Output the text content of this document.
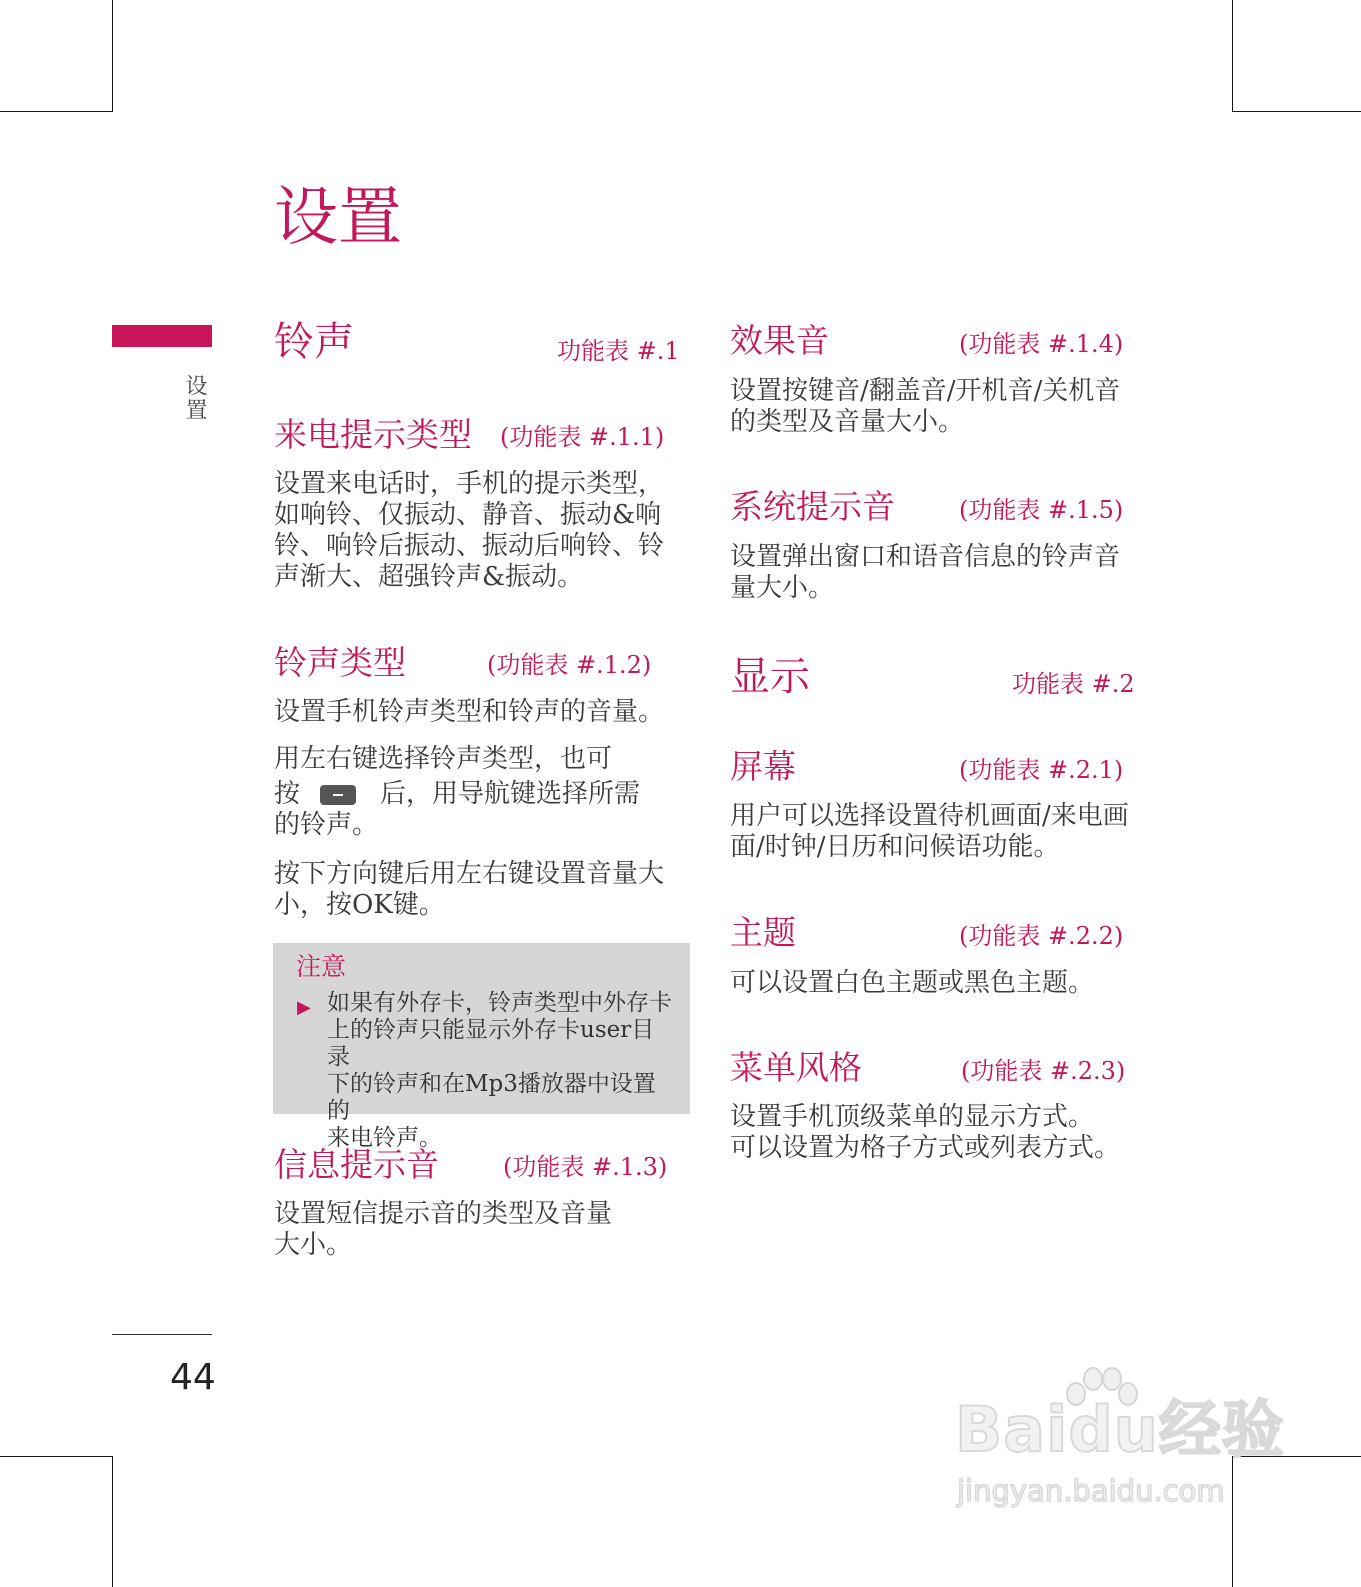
设置
设置
铃声	功能表 #.1
来电提示类型 (功能表 #.1.1)
设置来电话时，手机的提示类型，
如响铃、仅振动、静音、振动&响
铃、响铃后振动、振动后响铃、铃
声渐大、超强铃声&振动。
铃声类型	(功能表 #.1.2)
设置手机铃声类型和铃声的音量。
用左右键选择铃声类型，也可
按	后，用导航键选择所需
的铃声。
按下方向键后用左右键设置音量大
小，按OK键。
注意
▶ 如果有外存卡，铃声类型中外存卡
上的铃声只能显示外存卡user目录
下的铃声和在Mp3播放器中设置的
来电铃声。
信息提示音	(功能表 #.1.3)
设置短信提示音的类型及音量
大小。
效果音	(功能表 #.1.4)
设置按键音/翻盖音/开机音/关机音
的类型及音量大小。
系统提示音	(功能表 #.1.5)
设置弹出窗口和语音信息的铃声音
量大小。
显示	功能表 #.2
屏幕	(功能表 #.2.1)
用户可以选择设置待机画面/来电画
面/时钟/日历和问候语功能。
主题	(功能表 #.2.2)
可以设置白色主题或黑色主题。
菜单风格	(功能表 #.2.3)
设置手机顶级菜单的显示方式。
可以设置为格子方式或列表方式。
44
Baidu经验
jingyan.baidu.com
